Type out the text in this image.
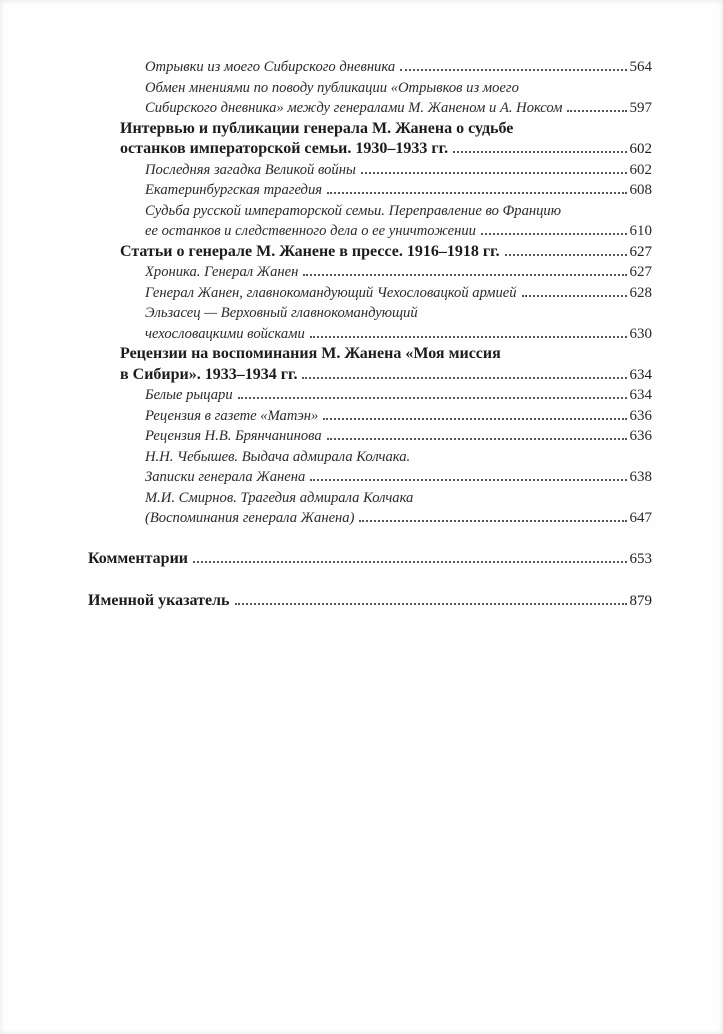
Отрывки из моего Сибирского дневника	564
Обмен мнениями по поводу публикации «Отрывков из моего
Сибирского дневника» между генералами М. Жаненом и А. Ноксом	597
Интервью и публикации генерала М. Жанена о судьбе
останков императорской семьи. 1930–1933 гг.	602
Последняя загадка Великой войны	602
Екатеринбургская трагедия	608
Судьба русской императорской семьи. Переправление во Францию
ее останков и следственного дела о ее уничтожении	610
Статьи о генерале М. Жанене в прессе. 1916–1918 гг.	627
Хроника. Генерал Жанен	627
Генерал Жанен, главнокомандующий Чехословацкой армией	628
Эльзасец — Верховный главнокомандующий
чехословацкими войсками	630
Рецензии на воспоминания М. Жанена «Моя миссия
в Сибири». 1933–1934 гг.	634
Белые рыцари	634
Рецензия в газете «Матэн»	636
Рецензия Н.В. Брянчанинова	636
Н.Н. Чебышев. Выдача адмирала Колчака.
Записки генерала Жанена	638
М.И. Смирнов. Трагедия адмирала Колчака
(Воспоминания генерала Жанена)	647
Комментарии	653
Именной указатель	879
